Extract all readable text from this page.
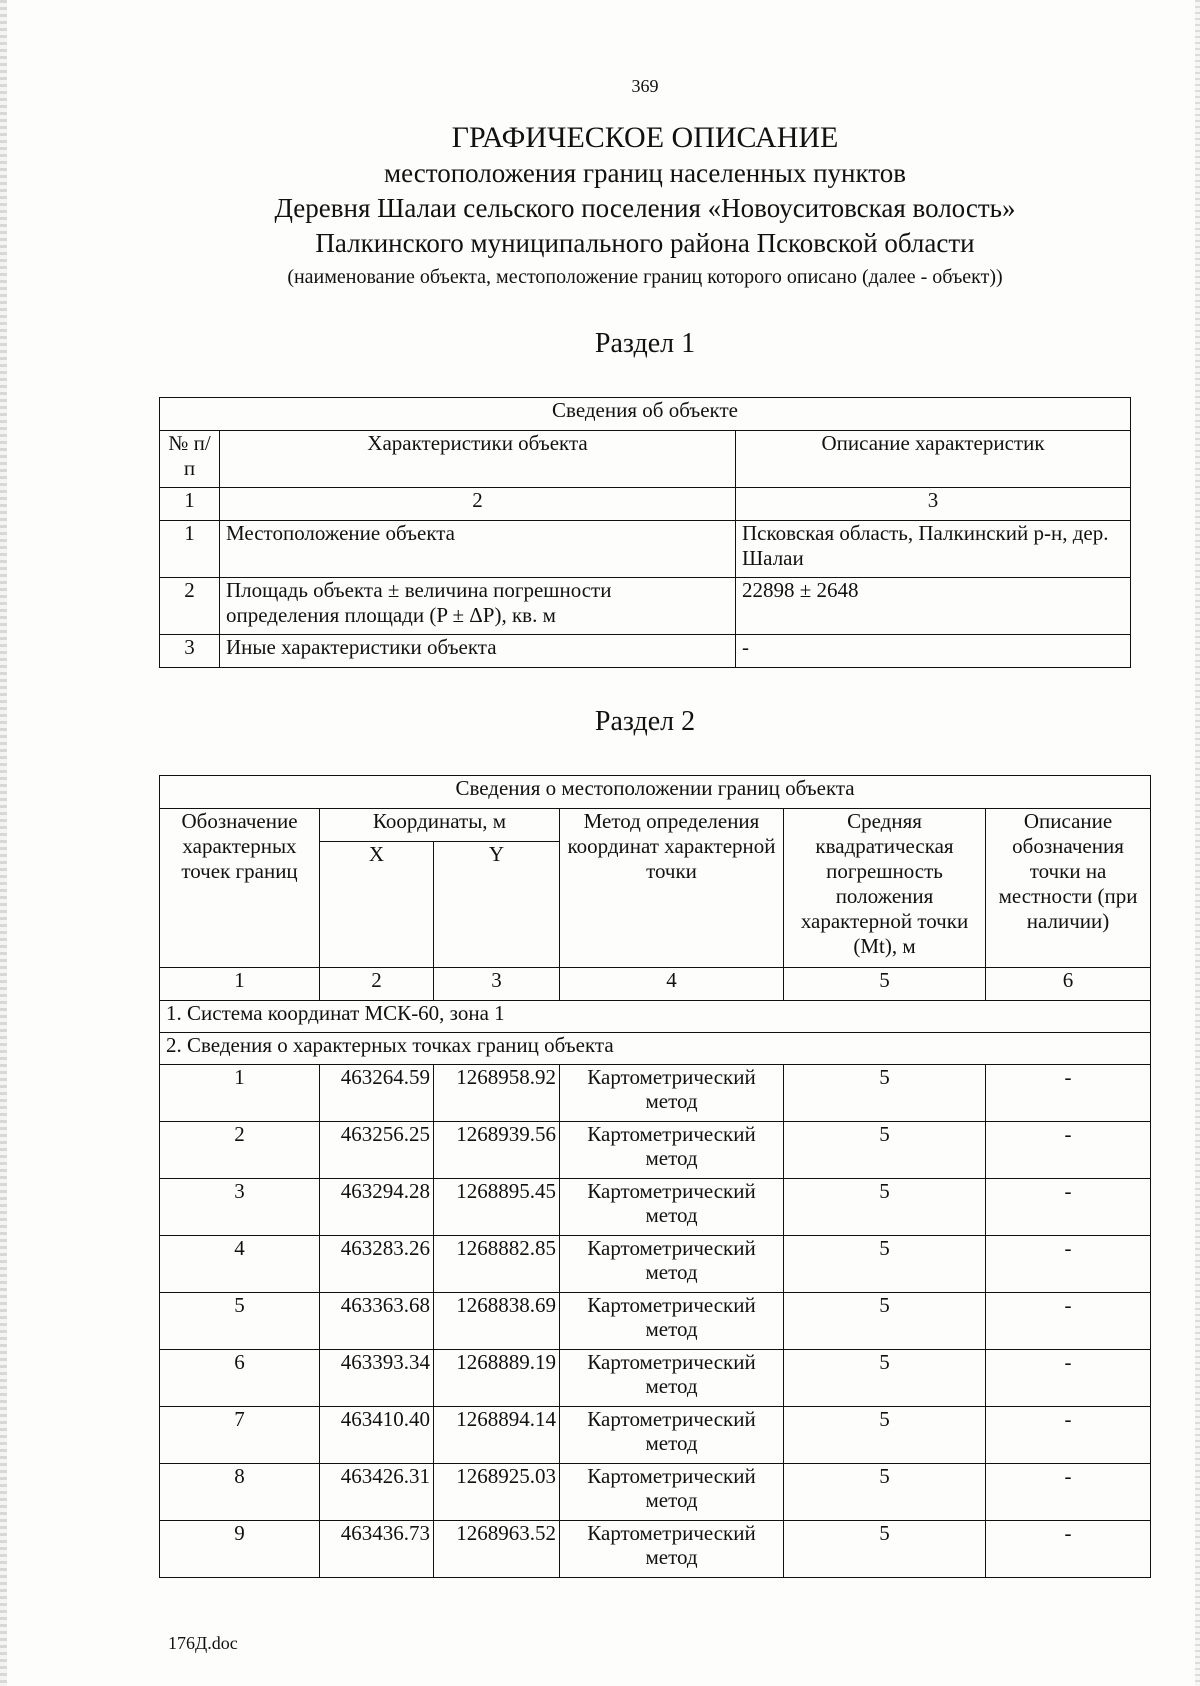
369
ГРАФИЧЕСКОЕ ОПИСАНИЕ
местоположения границ населенных пунктов
Деревня Шалаи сельского поселения «Новоуситовская волость»
Палкинского муниципального района Псковской области
(наименование объекта, местоположение границ которого описано (далее - объект))
Раздел 1
Сведения об объекте		
№ п/п	Характеристики объекта	Описание характеристик
1	2	3
1	Местоположение объекта	Псковская область, Палкинский р-н, дер. Шалаи
2	Площадь объекта ± величина погрешности определения площади (P ± ΔP), кв. м	22898 ± 2648
3	Иные характеристики объекта	-
Раздел 2
Сведения о местоположении границ объекта					
Обозначение характерных точек границ	Координаты, м		Метод определения координат характерной точки	Средняя квадратическая погрешность положения характерной точки (Mt), м	Описание обозначения точки на местности (при наличии)
	X	Y			
1	2	3	4	5	6
1. Система координат МСК-60, зона 1					
2. Сведения о характерных точках границ объекта					
1	463264.59	1268958.92	Картометрический метод	5	-
2	463256.25	1268939.56	Картометрический метод	5	-
3	463294.28	1268895.45	Картометрический метод	5	-
4	463283.26	1268882.85	Картометрический метод	5	-
5	463363.68	1268838.69	Картометрический метод	5	-
6	463393.34	1268889.19	Картометрический метод	5	-
7	463410.40	1268894.14	Картометрический метод	5	-
8	463426.31	1268925.03	Картометрический метод	5	-
9	463436.73	1268963.52	Картометрический метод	5	-
176Д.doc
